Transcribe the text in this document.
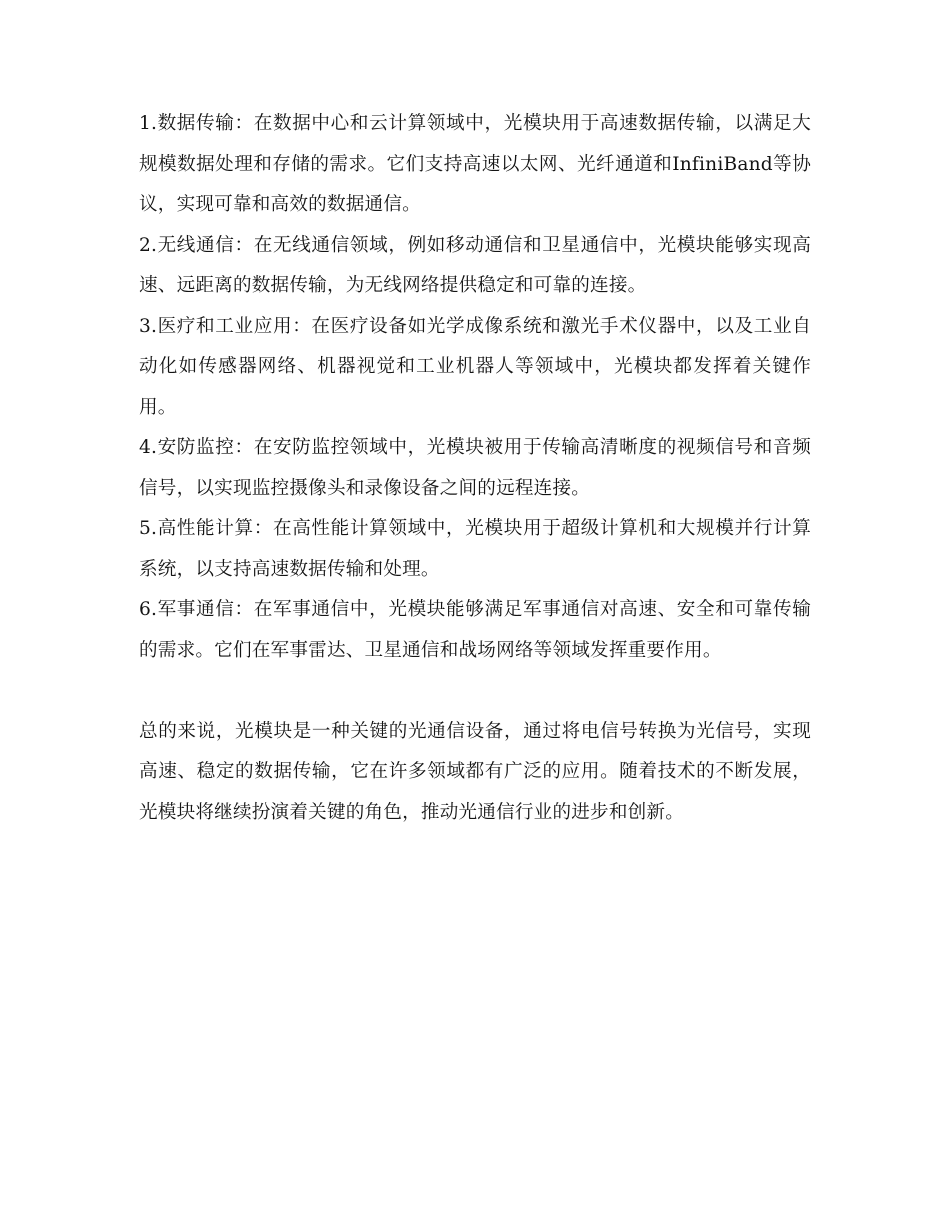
1.数据传输：在数据中心和云计算领域中，光模块用于高速数据传输，以满足大规模数据处理和存储的需求。它们支持高速以太网、光纤通道和InfiniBand等协议，实现可靠和高效的数据通信。

2.无线通信：在无线通信领域，例如移动通信和卫星通信中，光模块能够实现高速、远距离的数据传输，为无线网络提供稳定和可靠的连接。

3.医疗和工业应用：在医疗设备如光学成像系统和激光手术仪器中，以及工业自动化如传感器网络、机器视觉和工业机器人等领域中，光模块都发挥着关键作用。

4.安防监控：在安防监控领域中，光模块被用于传输高清晰度的视频信号和音频信号，以实现监控摄像头和录像设备之间的远程连接。

5.高性能计算：在高性能计算领域中，光模块用于超级计算机和大规模并行计算系统，以支持高速数据传输和处理。

6.军事通信：在军事通信中，光模块能够满足军事通信对高速、安全和可靠传输的需求。它们在军事雷达、卫星通信和战场网络等领域发挥重要作用。

总的来说，光模块是一种关键的光通信设备，通过将电信号转换为光信号，实现高速、稳定的数据传输，它在许多领域都有广泛的应用。随着技术的不断发展，光模块将继续扮演着关键的角色，推动光通信行业的进步和创新。
